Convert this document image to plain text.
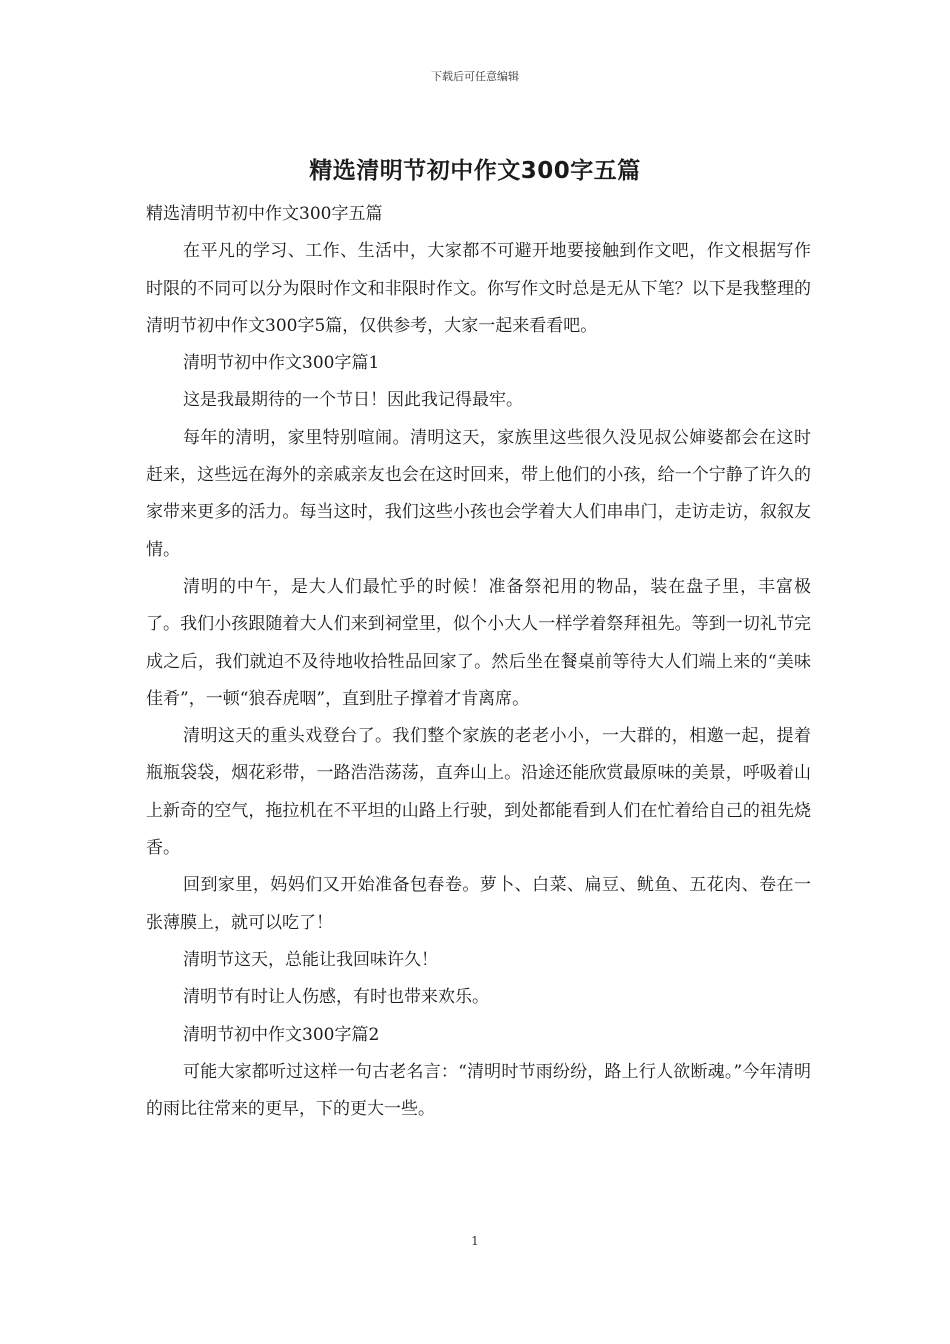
下载后可任意编辑
精选清明节初中作文300字五篇

精选清明节初中作文300字五篇

在平凡的学习、工作、生活中，大家都不可避开地要接触到作文吧，作文根据写作时限的不同可以分为限时作文和非限时作文。你写作文时总是无从下笔？以下是我整理的清明节初中作文300字5篇，仅供参考，大家一起来看看吧。

清明节初中作文300字篇1

这是我最期待的一个节日！因此我记得最牢。

每年的清明，家里特别喧闹。清明这天，家族里这些很久没见叔公婶婆都会在这时赶来，这些远在海外的亲戚亲友也会在这时回来，带上他们的小孩，给一个宁静了许久的家带来更多的活力。每当这时，我们这些小孩也会学着大人们串串门，走访走访，叙叙友情。

清明的中午，是大人们最忙乎的时候！准备祭祀用的物品，装在盘子里，丰富极了。我们小孩跟随着大人们来到祠堂里，似个小大人一样学着祭拜祖先。等到一切礼节完成之后，我们就迫不及待地收拾牲品回家了。然后坐在餐桌前等待大人们端上来的“美味佳肴”，一顿“狼吞虎咽”，直到肚子撑着才肯离席。

清明这天的重头戏登台了。我们整个家族的老老小小，一大群的，相邀一起，提着瓶瓶袋袋，烟花彩带，一路浩浩荡荡，直奔山上。沿途还能欣赏最原味的美景，呼吸着山上新奇的空气，拖拉机在不平坦的山路上行驶，到处都能看到人们在忙着给自己的祖先烧香。

回到家里，妈妈们又开始准备包春卷。萝卜、白菜、扁豆、鱿鱼、五花肉、卷在一张薄膜上，就可以吃了！

清明节这天，总能让我回味许久！

清明节有时让人伤感，有时也带来欢乐。

清明节初中作文300字篇2

可能大家都听过这样一句古老名言：“清明时节雨纷纷，路上行人欲断魂。”今年清明的雨比往常来的更早，下的更大一些。

1
